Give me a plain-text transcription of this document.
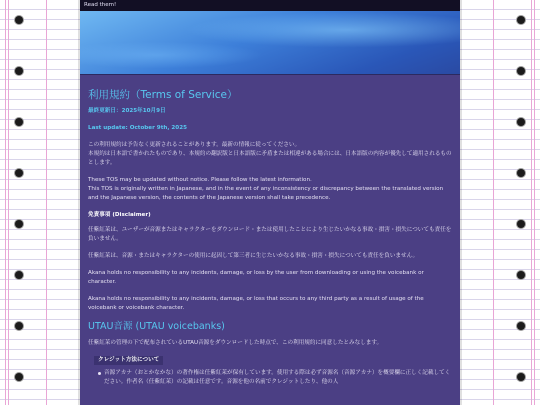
Read them!
利用規約（Terms of Service）
最終更新日：2025年10月9日
Last update: October 9th, 2025
この利用規約は予告なく更新されることがあります。最新の情報に従ってください。
本規約は日本語で書かれたものであり、本規約の翻訳版と日本語版に矛盾または相違がある場合には、日本語版の内容が優先して適用されるものとします。
These TOS may be updated without notice. Please follow the latest information.
This TOS is originally written in Japanese, and in the event of any inconsistency or discrepancy between the translated version and the Japanese version, the contents of the Japanese version shall take precedence.
免責事項 (Disclaimer)
任紫紅茉は、ユーザーが音源またはキャラクターをダウンロード・または使用したことにより生じたいかなる事故・損害・損失についても責任を負いません。
任紫紅茉は、音源・またはキャラクターの使用に起因して第三者に生じたいかなる事故・損害・損失についても責任を負いません。
Akana holds no responsibility to any incidents, damage, or loss by the user from downloading or using the voicebank or character.
Akana holds no responsibility to any incidents, damage, or loss that occurs to any third party as a result of usage of the voicebank or voicebank character.
UTAU音源 (UTAU voicebanks)
任紫紅茉の管理の下で配布されているUTAU音源をダウンロードした時点で、この利用規約に同意したとみなします。
クレジット方法について
音源アカナ（おとかなかな）の著作権は任紫紅茉が保有しています。使用する際は必ず音源名（音源アカナ）を概要欄に正しく記載してください。作者名（任紫紅茉）の記載は任意です。音源を他の名前でクレジットしたり、他の人
